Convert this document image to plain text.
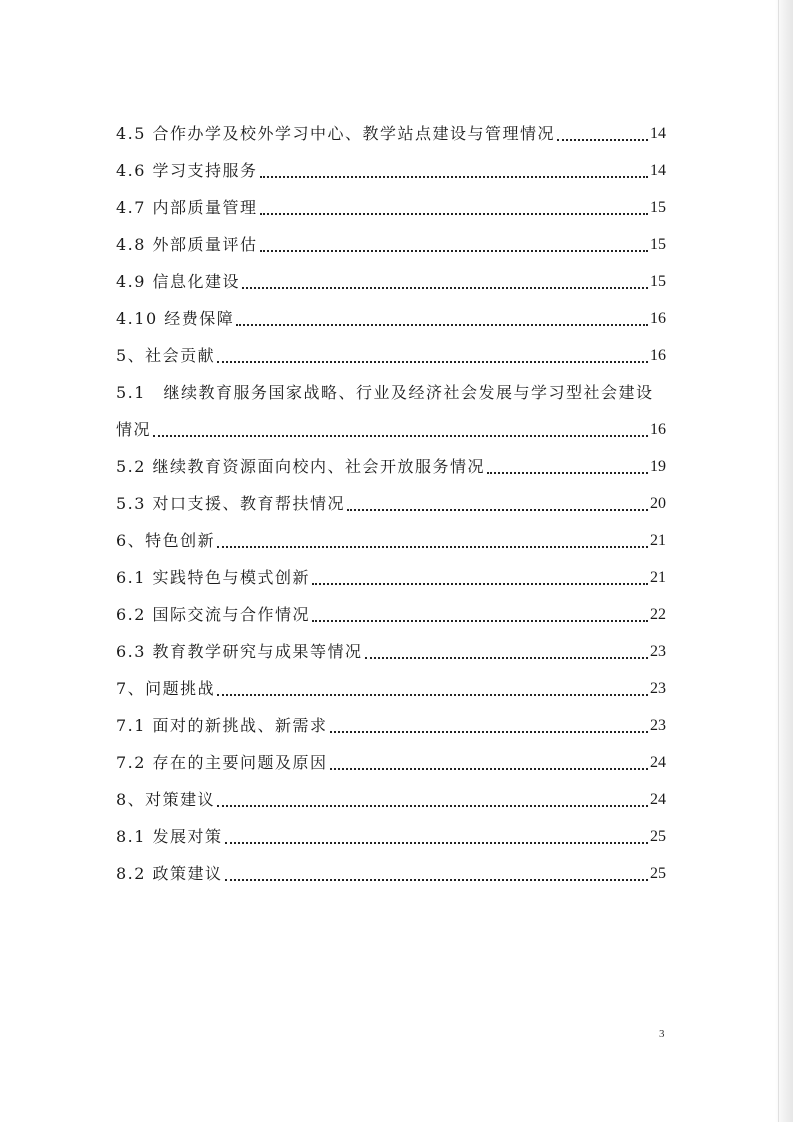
4.5 合作办学及校外学习中心、教学站点建设与管理情况	14
4.6 学习支持服务	14
4.7 内部质量管理	15
4.8 外部质量评估	15
4.9 信息化建设	15
4.10 经费保障	16
5、社会贡献	16
5.1　继续教育服务国家战略、行业及经济社会发展与学习型社会建设
情况	16
5.2 继续教育资源面向校内、社会开放服务情况	19
5.3 对口支援、教育帮扶情况	20
6、特色创新	21
6.1 实践特色与模式创新	21
6.2 国际交流与合作情况	22
6.3 教育教学研究与成果等情况	23
7、问题挑战	23
7.1 面对的新挑战、新需求	23
7.2 存在的主要问题及原因	24
8、对策建议	24
8.1 发展对策	25
8.2 政策建议	25
3
